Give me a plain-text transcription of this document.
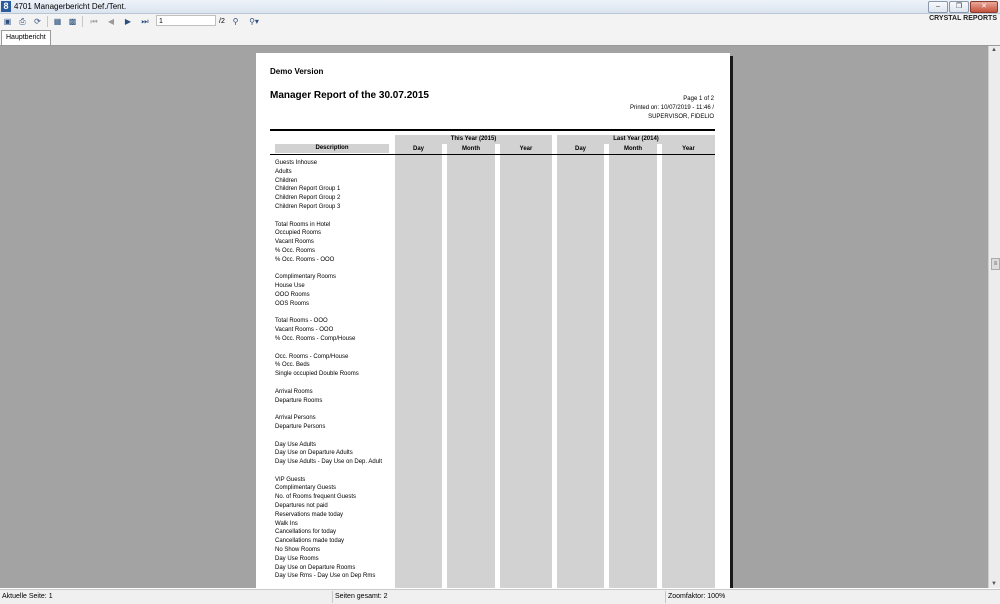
8 4701 Managerbericht Def./Tent.	–	❐	✕
▣ ⎙ ⟳ ▦ ▩ ⏮ ◀ ▶ ⏭	⚲	⚲▾
1	/2	CRYSTAL REPORTS
Hauptbericht
Demo Version
Manager Report of the 30.07.2015	Page 1 of 2
Printed on: 10/07/2019 - 11:46 /
SUPERVISOR, FIDELIO
This Year (2015)	Last Year (2014)
Description	Day	Month	Year	Day	Month	Year
Guests Inhouse
Adults
Children
Children Report Group 1
Children Report Group 2
Children Report Group 3
Total Rooms in Hotel
Occupied Rooms
Vacant Rooms
% Occ. Rooms
% Occ. Rooms - OOO
Complimentary Rooms
House Use
OOO Rooms
OOS Rooms
Total Rooms - OOO
Vacant Rooms - OOO
% Occ. Rooms - Comp/House
Occ. Rooms - Comp/House
% Occ. Beds
Single occupied Double Rooms
Arrival Rooms
Departure Rooms
Arrival Persons
Departure Persons
Day Use Adults
Day Use on Departure Adults
Day Use Adults - Day Use on Dep. Adult
VIP Guests
Complimentary Guests
No. of Rooms frequent Guests
Departures not paid
Reservations made today
Walk Ins
Cancellations for today
Cancellations made today
No Show Rooms
Day Use Rooms
Day Use on Departure Rooms
Day Use Rms - Day Use on Dep Rms
▲
≡
▼
Aktuelle Seite: 1	Seiten gesamt: 2	Zoomfaktor: 100%
